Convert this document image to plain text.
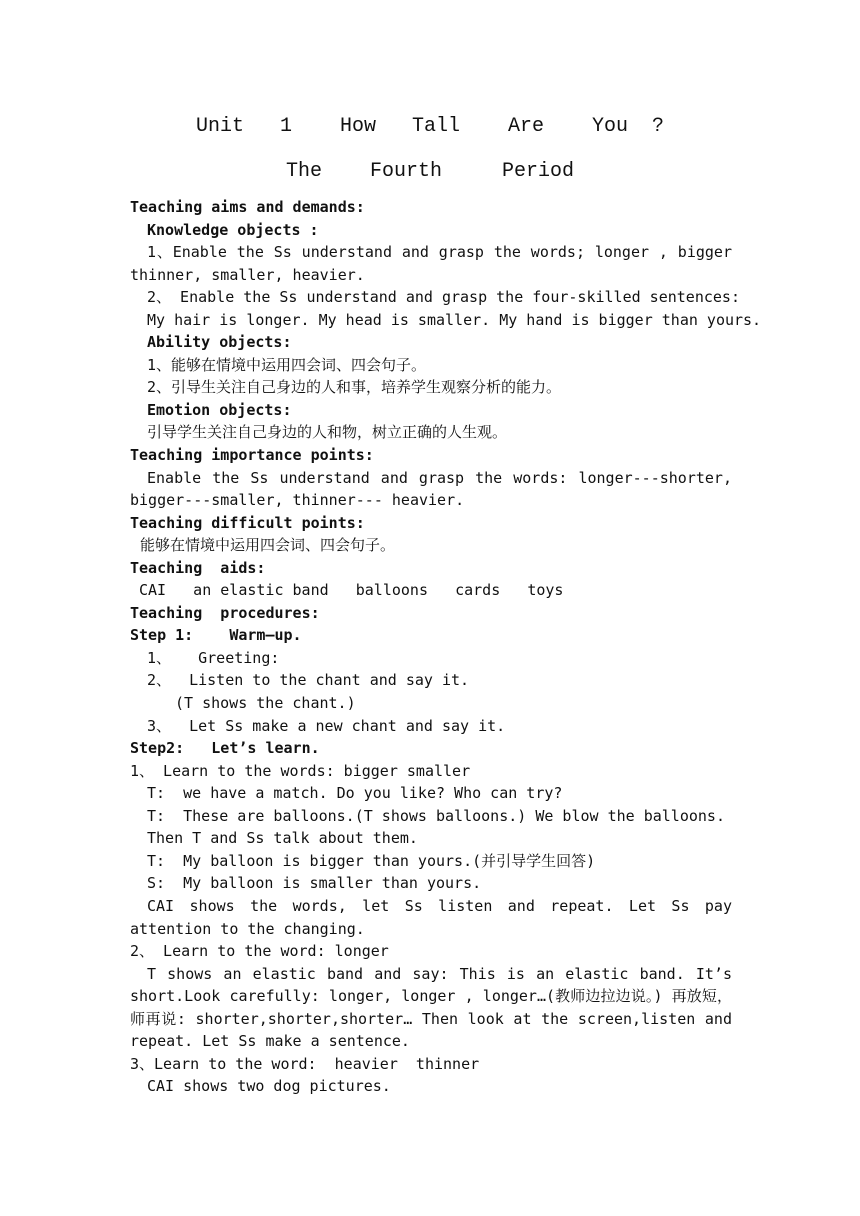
Unit   1    How   Tall    Are    You  ?
The    Fourth     Period
Teaching aims and demands:
Knowledge objects :
1、Enable the Ss understand and grasp the words; longer , bigger thinner, smaller, heavier.
2、 Enable the Ss understand and grasp the four-skilled sentences:
My hair is longer. My head is smaller. My hand is bigger than yours.
Ability objects:
1、能够在情境中运用四会词、四会句子。
2、引导生关注自己身边的人和事，培养学生观察分析的能力。
Emotion objects:
引导学生关注自己身边的人和物，树立正确的人生观。
Teaching importance points:
Enable the Ss understand and grasp the words: longer---shorter, bigger---smaller, thinner--- heavier.
Teaching difficult points:
能够在情境中运用四会词、四会句子。
Teaching  aids:
CAI   an elastic band   balloons   cards   toys
Teaching  procedures:
Step 1:    Warm—up.
1、   Greeting:
2、  Listen to the chant and say it.
(T shows the chant.)
3、  Let Ss make a new chant and say it.
Step2:   Let’s learn.
1、 Learn to the words: bigger smaller
T:  we have a match. Do you like? Who can try?
T:  These are balloons.(T shows balloons.) We blow the balloons.
Then T and Ss talk about them.
T:  My balloon is bigger than yours.(并引导学生回答)
S:  My balloon is smaller than yours.
CAI shows the words, let Ss listen and repeat. Let Ss pay attention to the changing.
2、 Learn to the word: longer
T shows an elastic band and say: This is an elastic band. It’s short.Look carefully: longer, longer , longer…(教师边拉边说。) 再放短，师再说: shorter,shorter,shorter… Then look at the screen,listen and repeat. Let Ss make a sentence.
3、Learn to the word:  heavier  thinner
CAI shows two dog pictures.
